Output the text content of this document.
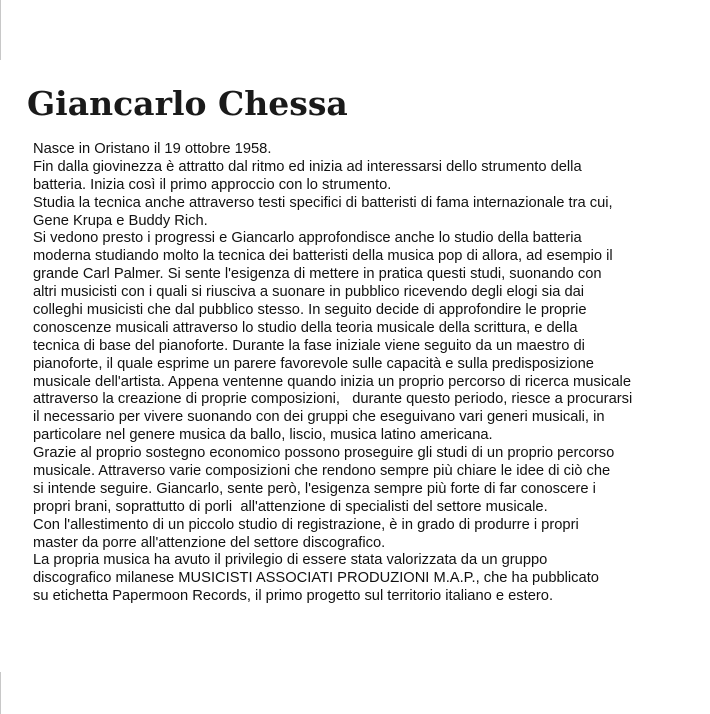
Giancarlo Chessa
Nasce in Oristano il 19 ottobre 1958.
Fin dalla giovinezza è attratto dal ritmo ed inizia ad interessarsi dello strumento della
batteria. Inizia così il primo approccio con lo strumento.
Studia la tecnica anche attraverso testi specifici di batteristi di fama internazionale tra cui,
Gene Krupa e Buddy Rich.
Si vedono presto i progressi e Giancarlo approfondisce anche lo studio della batteria
moderna studiando molto la tecnica dei batteristi della musica pop di allora, ad esempio il
grande Carl Palmer. Si sente l'esigenza di mettere in pratica questi studi, suonando con
altri musicisti con i quali si riusciva a suonare in pubblico ricevendo degli elogi sia dai
colleghi musicisti che dal pubblico stesso. In seguito decide di approfondire le proprie
conoscenze musicali attraverso lo studio della teoria musicale della scrittura, e della
tecnica di base del pianoforte. Durante la fase iniziale viene seguito da un maestro di
pianoforte, il quale esprime un parere favorevole sulle capacità e sulla predisposizione
musicale dell'artista. Appena ventenne quando inizia un proprio percorso di ricerca musicale
attraverso la creazione di proprie composizioni,   durante questo periodo, riesce a procurarsi
il necessario per vivere suonando con dei gruppi che eseguivano vari generi musicali, in
particolare nel genere musica da ballo, liscio, musica latino americana.
Grazie al proprio sostegno economico possono proseguire gli studi di un proprio percorso
musicale. Attraverso varie composizioni che rendono sempre più chiare le idee di ciò che
si intende seguire. Giancarlo, sente però, l'esigenza sempre più forte di far conoscere i
propri brani, soprattutto di porli  all'attenzione di specialisti del settore musicale.
Con l'allestimento di un piccolo studio di registrazione, è in grado di produrre i propri
master da porre all'attenzione del settore discografico.
La propria musica ha avuto il privilegio di essere stata valorizzata da un gruppo
discografico milanese MUSICISTI ASSOCIATI PRODUZIONI M.A.P., che ha pubblicato
su etichetta Papermoon Records, il primo progetto sul territorio italiano e estero.
